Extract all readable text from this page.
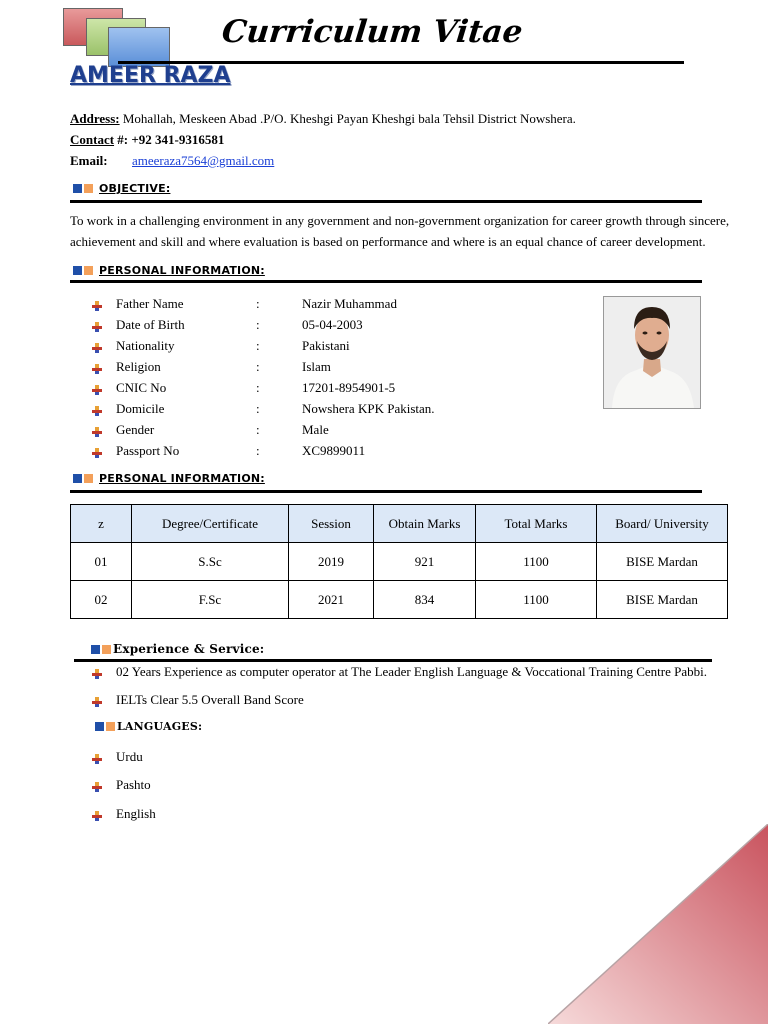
Curriculum Vitae
AMEER RAZA
Address: Mohallah, Meskeen Abad .P/O. Kheshgi Payan Kheshgi bala Tehsil District Nowshera.
Contact #: +92 341-9316581
Email: ameeraza7564@gmail.com
OBJECTIVE:
To work in a challenging environment in any government and non-government organization for career growth through sincere,
achievement and skill and where evaluation is based on performance and where is an equal chance of career development.
PERSONAL INFORMATION:
Father Name	:	Nazir Muhammad
Date of Birth	:	05-04-2003
Nationality	:	Pakistani
Religion	:	Islam
CNIC No	:	17201-8954901-5
Domicile	:	Nowshera KPK Pakistan.
Gender	:	Male
Passport No	:	XC9899011
PERSONAL INFORMATION:
z	Degree/Certificate	Session	Obtain Marks	Total Marks	Board/ University
01	S.Sc	2019	921	1100	BISE Mardan
02	F.Sc	2021	834	1100	BISE Mardan
Experience & Service:
02 Years Experience as computer operator at The Leader English Language & Voccational Training Centre Pabbi.
IELTs Clear 5.5 Overall Band Score
LANGUAGES:
Urdu
Pashto
English
